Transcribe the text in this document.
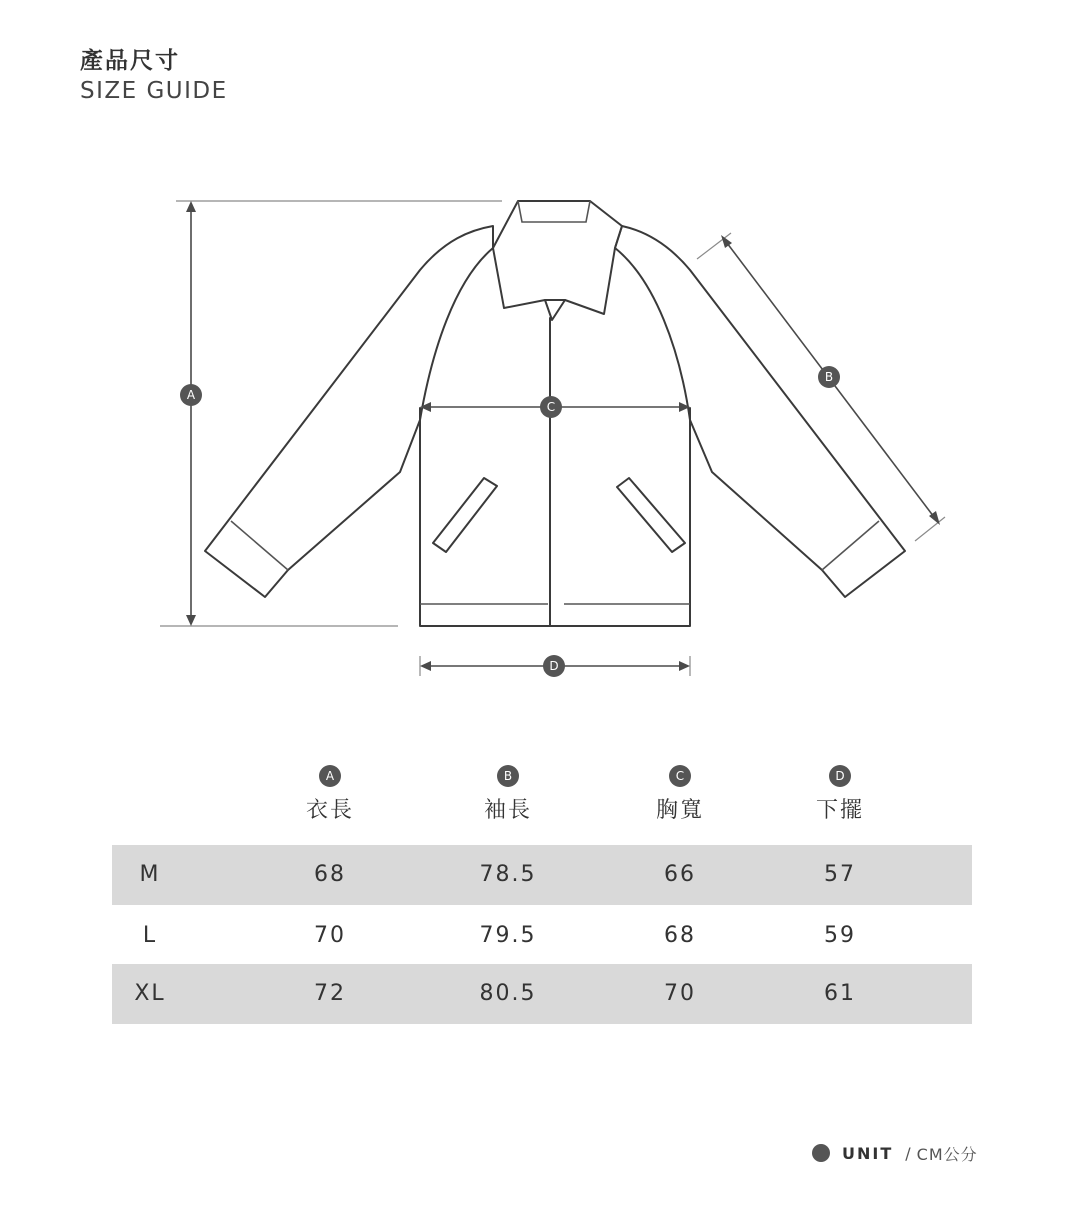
產品尺寸
SIZE GUIDE
A
B
C
D
A
衣長
B
袖長
C
胸寬
D
下擺
M	68	78.5	66	57
L	70	79.5	68	59
XL	72	80.5	70	61
UNIT / CM公分
